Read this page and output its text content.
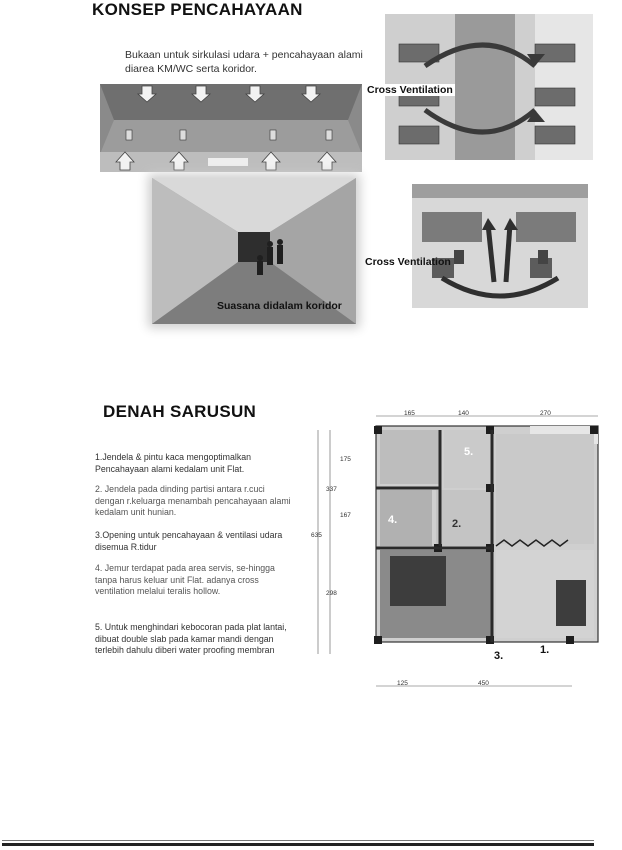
KONSEP PENCAHAYAAN
Bukaan untuk sirkulasi udara + pencahayaan alami diarea KM/WC serta koridor.
Cross Ventilation
Suasana didalam koridor
Cross Ventilation
DENAH SARUSUN
1.Jendela & pintu kaca mengoptimalkan Pencahayaan alami kedalam unit Flat.
2. Jendela pada dinding partisi antara r.cuci dengan r.keluarga menambah pencahayaan alami kedalam unit hunian.
3.Opening untuk pencahayaan & ventilasi udara disemua R.tidur
4. Jemur terdapat pada area servis, se-hingga tanpa harus keluar unit Flat. adanya cross ventilation melalui teralis hollow.
5. Untuk menghindari kebocoran pada plat lantai, dibuat double slab pada kamar mandi dengan terlebih dahulu diberi water proofing membran
165	140	270
125	450
175
337
167
635
298
5.
4.	2.
3.	1.
